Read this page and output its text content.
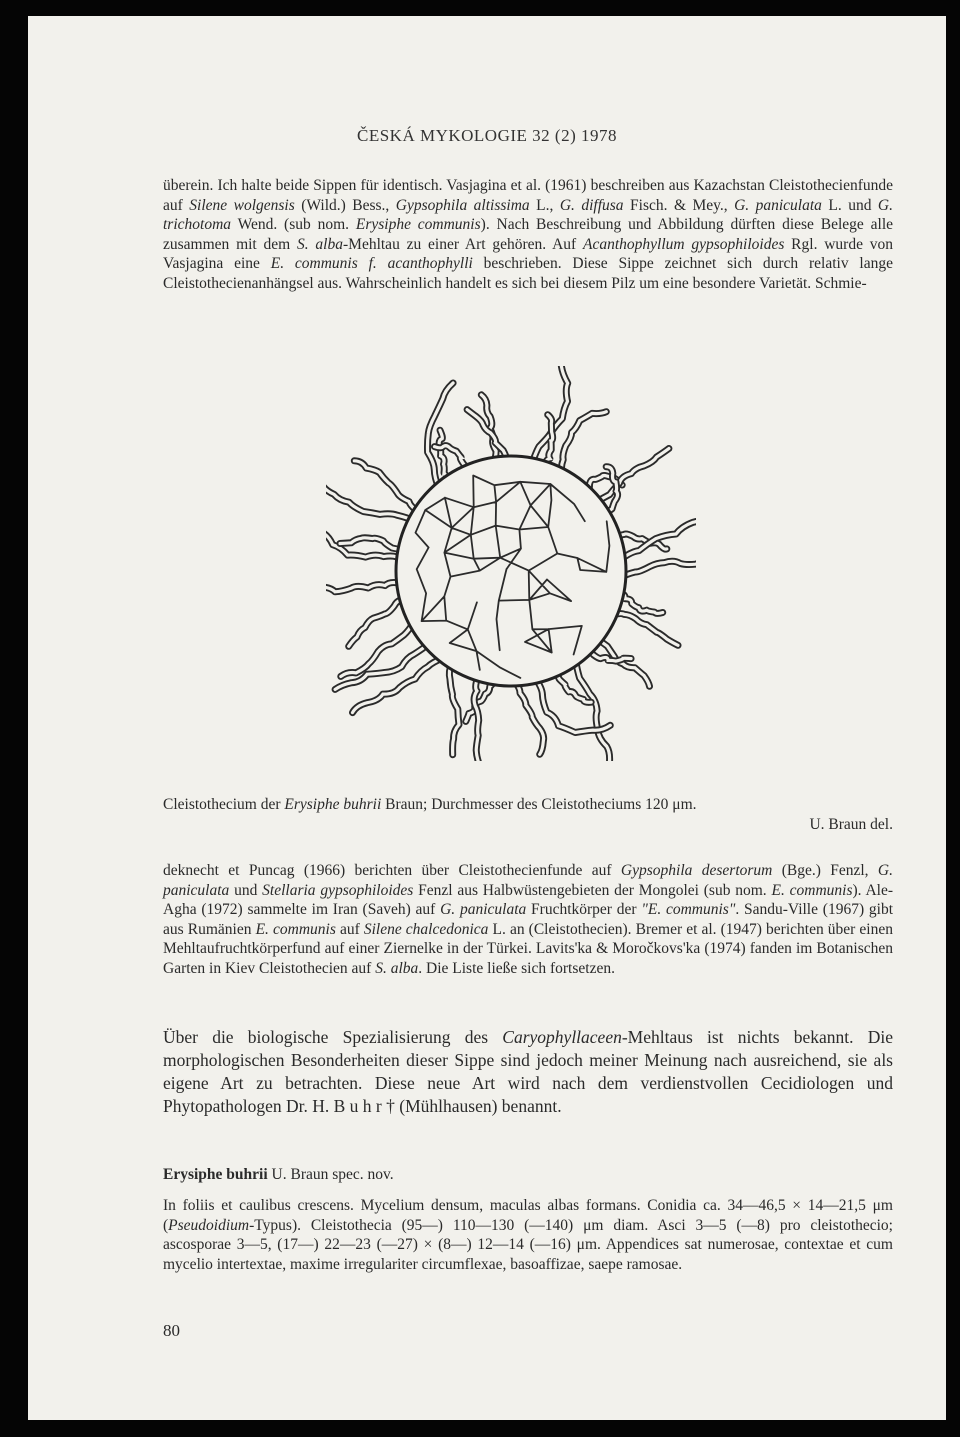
ČESKÁ MYKOLOGIE 32 (2) 1978

überein. Ich halte beide Sippen für identisch. Vasjagina et al. (1961) beschreiben aus Kazachstan Cleistothecienfunde auf Silene wolgensis (Wild.) Bess., Gypsophila altissima L., G. diffusa Fisch. & Mey., G. paniculata L. und G. trichotoma Wend. (sub nom. Erysiphe communis). Nach Beschreibung und Abbildung dürften diese Belege alle zusammen mit dem S. alba-Mehltau zu einer Art gehören. Auf Acanthophyllum gypsophiloides Rgl. wurde von Vasjagina eine E. communis f. acanthophylli beschrieben. Diese Sippe zeichnet sich durch relativ lange Cleistothecienanhängsel aus. Wahrscheinlich handelt es sich bei diesem Pilz um eine besondere Varietät. Schmie-

Cleistothecium der Erysiphe buhrii Braun; Durchmesser des Cleistotheciums 120 μm.
U. Braun del.

deknecht et Puncag (1966) berichten über Cleistothecienfunde auf Gypsophila desertorum (Bge.) Fenzl, G. paniculata und Stellaria gypsophiloides Fenzl aus Halbwüstengebieten der Mongolei (sub nom. E. communis). Ale-Agha (1972) sammelte im Iran (Saveh) auf G. paniculata Fruchtkörper der "E. communis". Sandu-Ville (1967) gibt aus Rumänien E. communis auf Silene chalcedonica L. an (Cleistothecien). Bremer et al. (1947) berichten über einen Mehltaufruchtkörperfund auf einer Ziernelke in der Türkei. Lavits'ka & Moročkovs'ka (1974) fanden im Botanischen Garten in Kiev Cleistothecien auf S. alba. Die Liste ließe sich fortsetzen.

Über die biologische Spezialisierung des Caryophyllaceen-Mehltaus ist nichts bekannt. Die morphologischen Besonderheiten dieser Sippe sind jedoch meiner Meinung nach ausreichend, sie als eigene Art zu betrachten. Diese neue Art wird nach dem verdienstvollen Cecidiologen und Phytopathologen Dr. H. B u h r † (Mühlhausen) benannt.

Erysiphe buhrii U. Braun spec. nov.

In foliis et caulibus crescens. Mycelium densum, maculas albas formans. Conidia ca. 34—46,5 × 14—21,5 μm (Pseudoidium-Typus). Cleistothecia (95—) 110—130 (—140) μm diam. Asci 3—5 (—8) pro cleistothecio; ascosporae 3—5, (17—) 22—23 (—27) × (8—) 12—14 (—16) μm. Appendices sat numerosae, contextae et cum mycelio intertextae, maxime irregulariter circumflexae, basoaffizae, saepe ramosae.

80
